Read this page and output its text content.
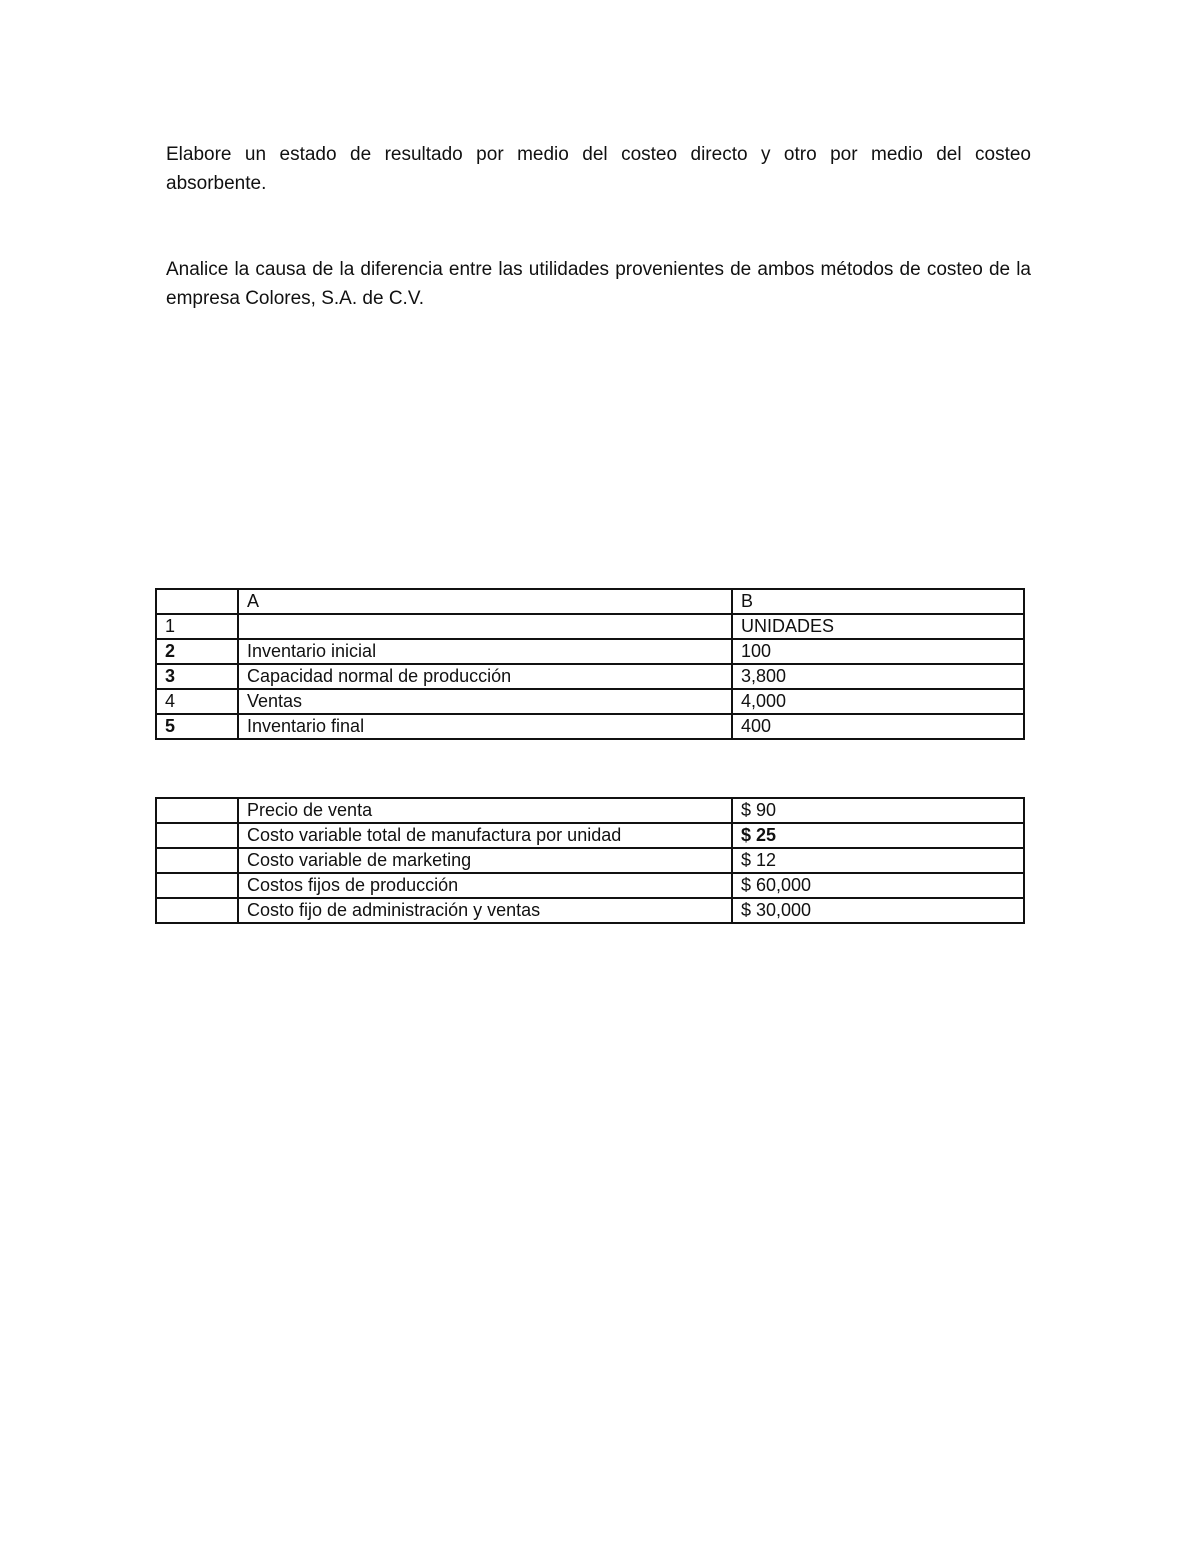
Elabore un estado de resultado por medio del costeo directo y otro por medio del costeo absorbente.

Analice la causa de la diferencia entre las utilidades provenientes de ambos métodos de costeo de la empresa Colores, S.A. de C.V.

	A	B
1		UNIDADES
2	Inventario inicial	100
3	Capacidad normal de producción	3,800
4	Ventas	4,000
5	Inventario final	400
	Precio de venta	$ 90
	Costo variable total de manufactura por unidad	$ 25
	Costo variable de marketing	$ 12
	Costos fijos de producción	$ 60,000
	Costo fijo de administración y ventas	$ 30,000
